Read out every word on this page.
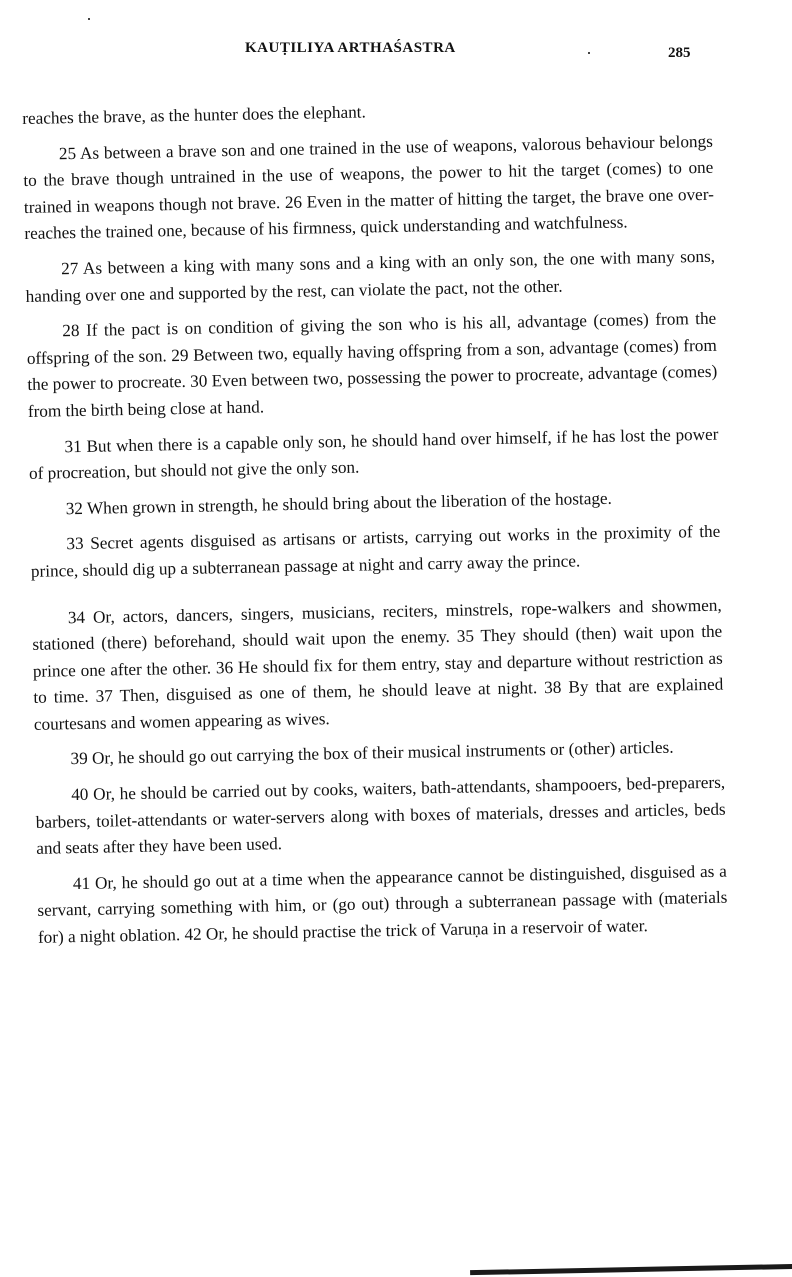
KAUṬILIYA ARTHAŚASTRA	285

reaches the brave, as the hunter does the elephant.

25 As between a brave son and one trained in the use of weapons, valorous behaviour belongs to the brave though untrained in the use of weapons, the power to hit the target (comes) to one trained in weapons though not brave. 26 Even in the matter of hitting the target, the brave one over-reaches the trained one, because of his firmness, quick understanding and watchfulness.

27 As between a king with many sons and a king with an only son, the one with many sons, handing over one and supported by the rest, can violate the pact, not the other.

28 If the pact is on condition of giving the son who is his all, advantage (comes) from the offspring of the son. 29 Between two, equally having offspring from a son, advantage (comes) from the power to procreate. 30 Even between two, possessing the power to procreate, advantage (comes) from the birth being close at hand.

31 But when there is a capable only son, he should hand over himself, if he has lost the power of procreation, but should not give the only son.

32 When grown in strength, he should bring about the liberation of the hostage.

33 Secret agents disguised as artisans or artists, carrying out works in the proximity of the prince, should dig up a subterranean passage at night and carry away the prince.

34 Or, actors, dancers, singers, musicians, reciters, minstrels, rope-walkers and showmen, stationed (there) beforehand, should wait upon the enemy. 35 They should (then) wait upon the prince one after the other. 36 He should fix for them entry, stay and departure without restriction as to time. 37 Then, disguised as one of them, he should leave at night. 38 By that are explained courtesans and women appearing as wives.

39 Or, he should go out carrying the box of their musical instruments or (other) articles.

40 Or, he should be carried out by cooks, waiters, bath-attendants, shampooers, bed-preparers, barbers, toilet-attendants or water-servers along with boxes of materials, dresses and articles, beds and seats after they have been used.

41 Or, he should go out at a time when the appearance cannot be distinguished, disguised as a servant, carrying something with him, or (go out) through a subterranean passage with (materials for) a night oblation. 42 Or, he should practise the trick of Varuṇa in a reservoir of water.
